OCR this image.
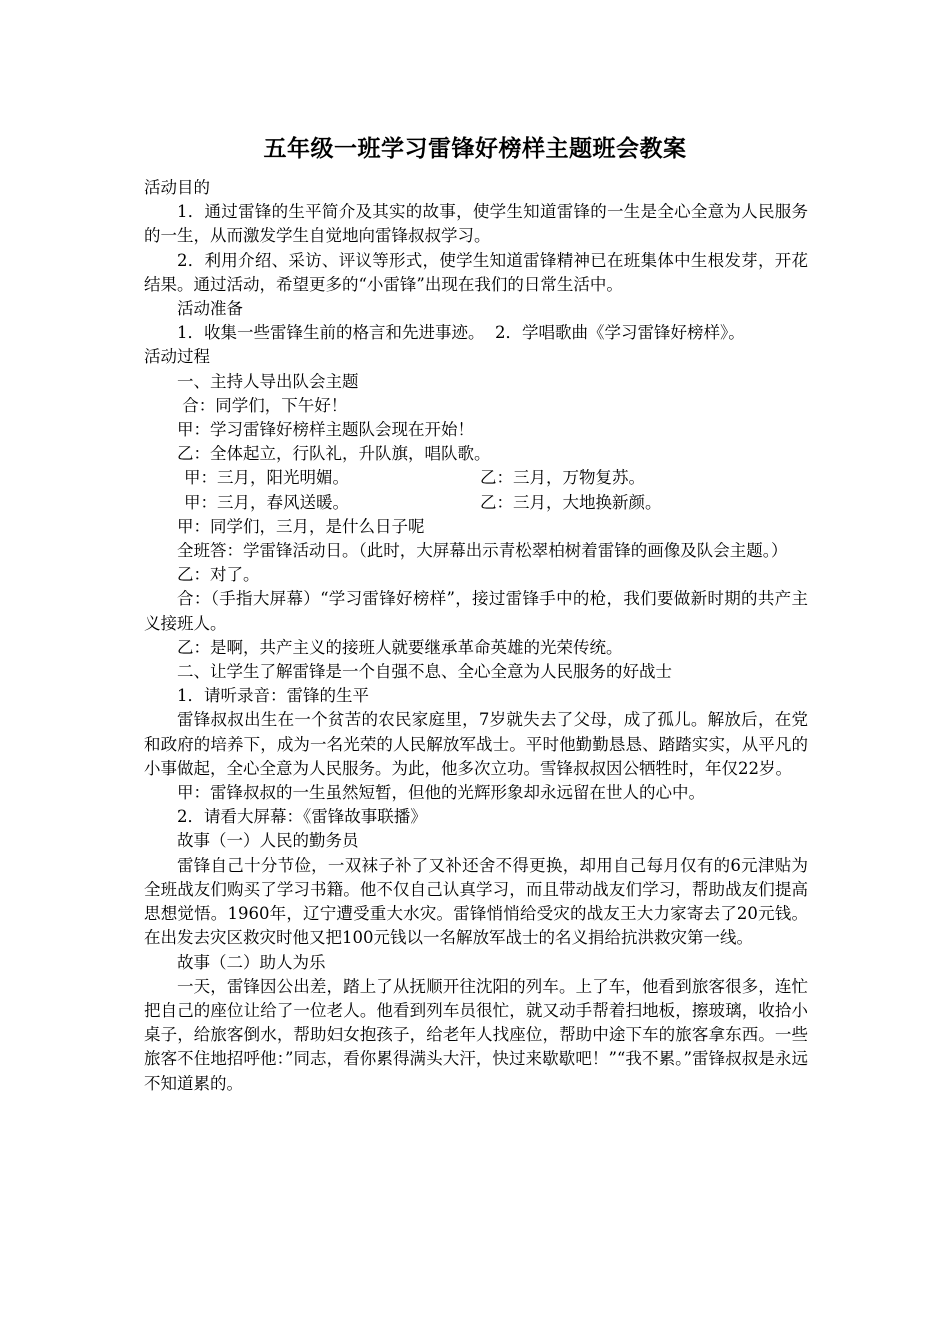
五年级一班学习雷锋好榜样主题班会教案

活动目的

1．通过雷锋的生平简介及其实的故事，使学生知道雷锋的一生是全心全意为人民服务的一生，从而激发学生自觉地向雷锋叔叔学习。

2．利用介绍、采访、评议等形式，使学生知道雷锋精神已在班集体中生根发芽，开花结果。通过活动，希望更多的“小雷锋”出现在我们的日常生活中。

活动准备

1．收集一些雷锋生前的格言和先进事迹。  2．学唱歌曲《学习雷锋好榜样》。

活动过程

一、主持人导出队会主题

合：同学们，下午好！

甲：学习雷锋好榜样主题队会现在开始！

乙：全体起立，行队礼，升队旗，唱队歌。

甲：三月，阳光明媚。	乙：三月，万物复苏。
甲：三月，春风送暖。	乙：三月，大地换新颜。

甲：同学们，三月，是什么日子呢

全班答：学雷锋活动日。（此时，大屏幕出示青松翠柏树着雷锋的画像及队会主题。）

乙：对了。

合：（手指大屏幕）“学习雷锋好榜样”，接过雷锋手中的枪，我们要做新时期的共产主义接班人。

乙：是啊，共产主义的接班人就要继承革命英雄的光荣传统。

二、让学生了解雷锋是一个自强不息、全心全意为人民服务的好战士

1．请听录音：雷锋的生平

雷锋叔叔出生在一个贫苦的农民家庭里，7岁就失去了父母，成了孤儿。解放后，在党和政府的培养下，成为一名光荣的人民解放军战士。平时他勤勤恳恳、踏踏实实，从平凡的小事做起，全心全意为人民服务。为此，他多次立功。雪锋叔叔因公牺牲时，年仅22岁。

甲：雷锋叔叔的一生虽然短暂，但他的光辉形象却永远留在世人的心中。

2．请看大屏幕：《雷锋故事联播》

故事（一）人民的勤务员

雷锋自己十分节俭，一双袜子补了又补还舍不得更换，却用自己每月仅有的6元津贴为全班战友们购买了学习书籍。他不仅自己认真学习，而且带动战友们学习，帮助战友们提高思想觉悟。1960年，辽宁遭受重大水灾。雷锋悄悄给受灾的战友王大力家寄去了20元钱。在出发去灾区救灾时他又把100元钱以一名解放军战士的名义捐给抗洪救灾第一线。

故事（二）助人为乐

一天，雷锋因公出差，踏上了从抚顺开往沈阳的列车。上了车，他看到旅客很多，连忙把自己的座位让给了一位老人。他看到列车员很忙，就又动手帮着扫地板，擦玻璃，收拾小桌子，给旅客倒水，帮助妇女抱孩子，给老年人找座位，帮助中途下车的旅客拿东西。一些旅客不住地招呼他：”同志，看你累得满头大汗，快过来歇歇吧！”“我不累。”雷锋叔叔是永远不知道累的。
